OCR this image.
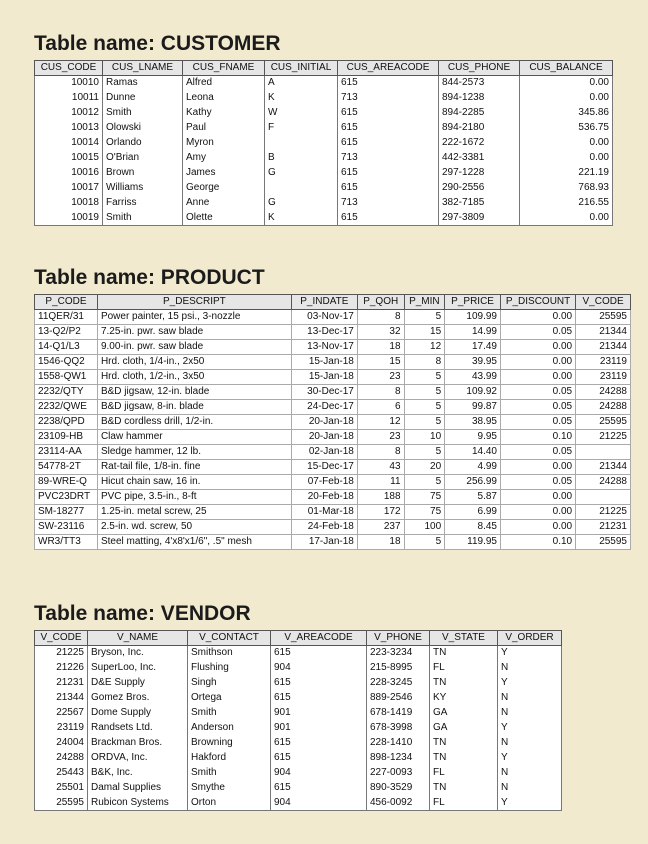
Table name: CUSTOMER
CUS_CODE	CUS_LNAME	CUS_FNAME	CUS_INITIAL	CUS_AREACODE	CUS_PHONE	CUS_BALANCE
10010	Ramas	Alfred	A	615	844-2573	0.00
10011	Dunne	Leona	K	713	894-1238	0.00
10012	Smith	Kathy	W	615	894-2285	345.86
10013	Olowski	Paul	F	615	894-2180	536.75
10014	Orlando	Myron		615	222-1672	0.00
10015	O'Brian	Amy	B	713	442-3381	0.00
10016	Brown	James	G	615	297-1228	221.19
10017	Williams	George		615	290-2556	768.93
10018	Farriss	Anne	G	713	382-7185	216.55
10019	Smith	Olette	K	615	297-3809	0.00
Table name: PRODUCT
P_CODE	P_DESCRIPT	P_INDATE	P_QOH	P_MIN	P_PRICE	P_DISCOUNT	V_CODE
11QER/31	Power painter, 15 psi., 3-nozzle	03-Nov-17	8	5	109.99	0.00	25595
13-Q2/P2	7.25-in. pwr. saw blade	13-Dec-17	32	15	14.99	0.05	21344
14-Q1/L3	9.00-in. pwr. saw blade	13-Nov-17	18	12	17.49	0.00	21344
1546-QQ2	Hrd. cloth, 1/4-in., 2x50	15-Jan-18	15	8	39.95	0.00	23119
1558-QW1	Hrd. cloth, 1/2-in., 3x50	15-Jan-18	23	5	43.99	0.00	23119
2232/QTY	B&D jigsaw, 12-in. blade	30-Dec-17	8	5	109.92	0.05	24288
2232/QWE	B&D jigsaw, 8-in. blade	24-Dec-17	6	5	99.87	0.05	24288
2238/QPD	B&D cordless drill, 1/2-in.	20-Jan-18	12	5	38.95	0.05	25595
23109-HB	Claw hammer	20-Jan-18	23	10	9.95	0.10	21225
23114-AA	Sledge hammer, 12 lb.	02-Jan-18	8	5	14.40	0.05	
54778-2T	Rat-tail file, 1/8-in. fine	15-Dec-17	43	20	4.99	0.00	21344
89-WRE-Q	Hicut chain saw, 16 in.	07-Feb-18	11	5	256.99	0.05	24288
PVC23DRT	PVC pipe, 3.5-in., 8-ft	20-Feb-18	188	75	5.87	0.00	
SM-18277	1.25-in. metal screw, 25	01-Mar-18	172	75	6.99	0.00	21225
SW-23116	2.5-in. wd. screw, 50	24-Feb-18	237	100	8.45	0.00	21231
WR3/TT3	Steel matting, 4'x8'x1/6", .5" mesh	17-Jan-18	18	5	119.95	0.10	25595
Table name: VENDOR
V_CODE	V_NAME	V_CONTACT	V_AREACODE	V_PHONE	V_STATE	V_ORDER
21225	Bryson, Inc.	Smithson	615	223-3234	TN	Y
21226	SuperLoo, Inc.	Flushing	904	215-8995	FL	N
21231	D&E Supply	Singh	615	228-3245	TN	Y
21344	Gomez Bros.	Ortega	615	889-2546	KY	N
22567	Dome Supply	Smith	901	678-1419	GA	N
23119	Randsets Ltd.	Anderson	901	678-3998	GA	Y
24004	Brackman Bros.	Browning	615	228-1410	TN	N
24288	ORDVA, Inc.	Hakford	615	898-1234	TN	Y
25443	B&K, Inc.	Smith	904	227-0093	FL	N
25501	Damal Supplies	Smythe	615	890-3529	TN	N
25595	Rubicon Systems	Orton	904	456-0092	FL	Y
